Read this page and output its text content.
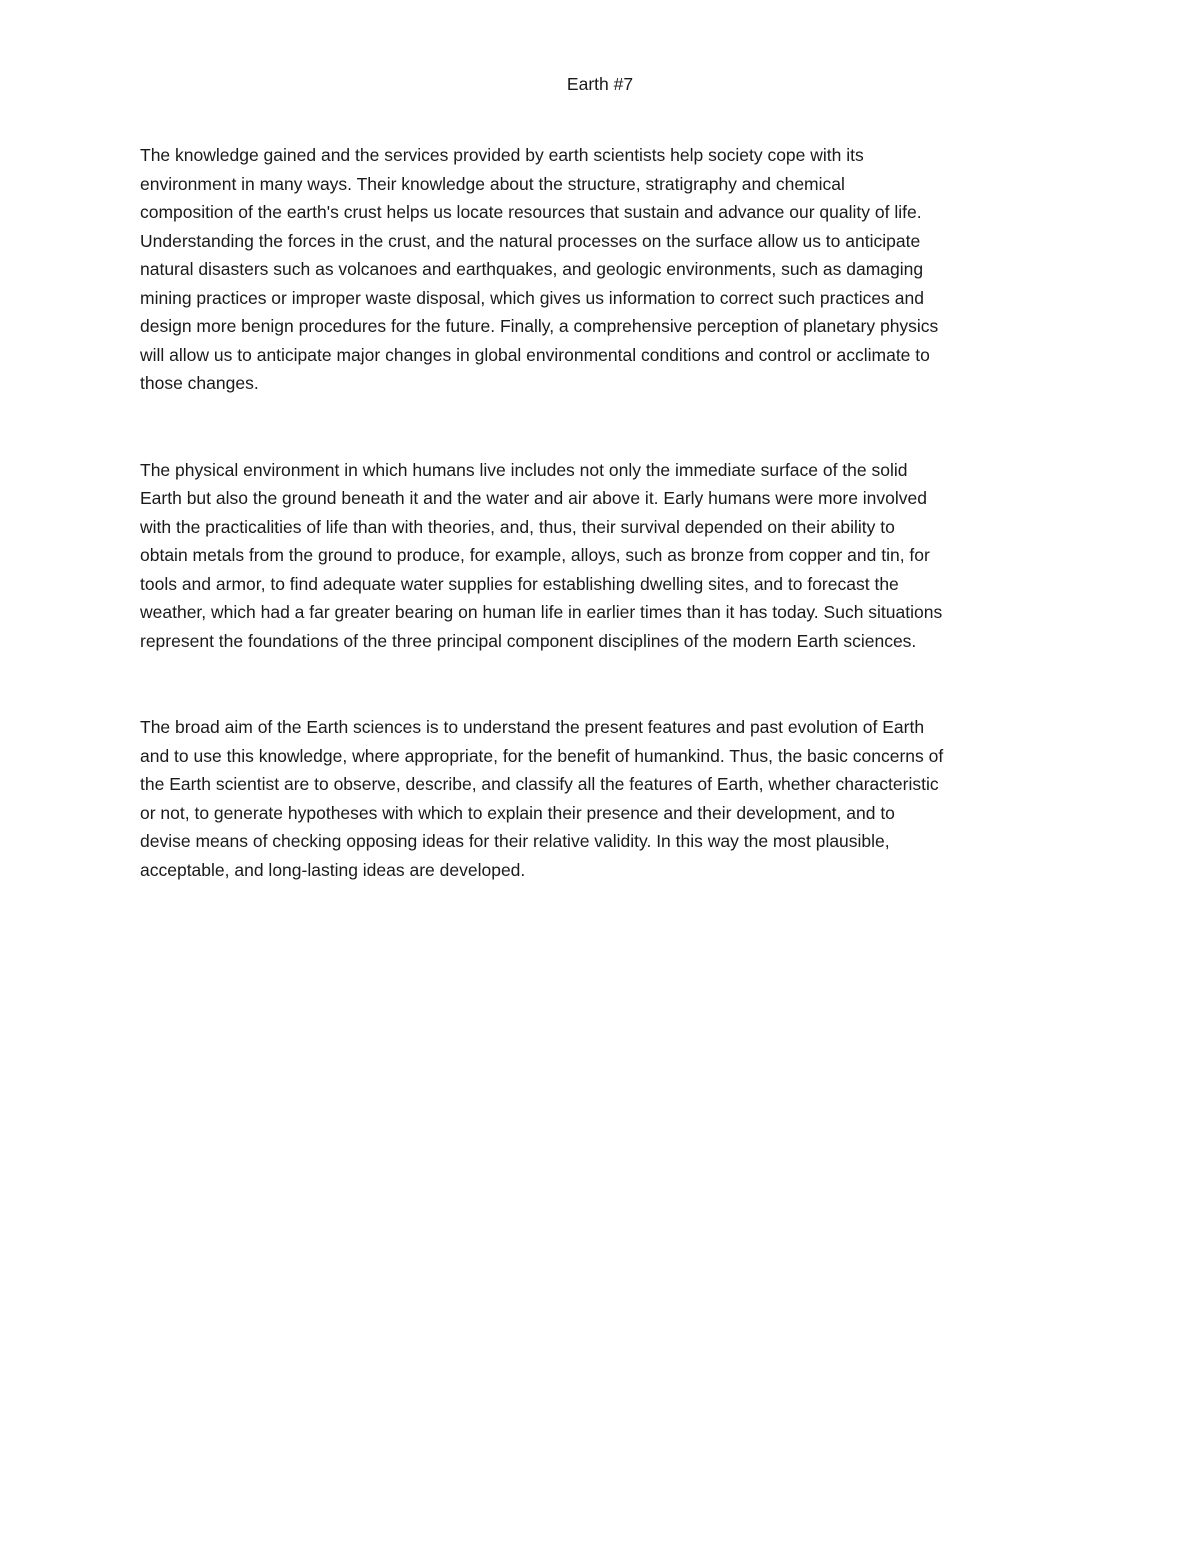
Earth #7

The knowledge gained and the services provided by earth scientists help society cope with its
environment in many ways. Their knowledge about the structure, stratigraphy and chemical
composition of the earth's crust helps us locate resources that sustain and advance our quality of life.
Understanding the forces in the crust, and the natural processes on the surface allow us to anticipate
natural disasters such as volcanoes and earthquakes, and geologic environments, such as damaging
mining practices or improper waste disposal, which gives us information to correct such practices and
design more benign procedures for the future. Finally, a comprehensive perception of planetary physics
will allow us to anticipate major changes in global environmental conditions and control or acclimate to
those changes.

The physical environment in which humans live includes not only the immediate surface of the solid
Earth but also the ground beneath it and the water and air above it. Early humans were more involved
with the practicalities of life than with theories, and, thus, their survival depended on their ability to
obtain metals from the ground to produce, for example, alloys, such as bronze from copper and tin, for
tools and armor, to find adequate water supplies for establishing dwelling sites, and to forecast the
weather, which had a far greater bearing on human life in earlier times than it has today. Such situations
represent the foundations of the three principal component disciplines of the modern Earth sciences.

The broad aim of the Earth sciences is to understand the present features and past evolution of Earth
and to use this knowledge, where appropriate, for the benefit of humankind. Thus, the basic concerns of
the Earth scientist are to observe, describe, and classify all the features of Earth, whether characteristic
or not, to generate hypotheses with which to explain their presence and their development, and to
devise means of checking opposing ideas for their relative validity. In this way the most plausible,
acceptable, and long-lasting ideas are developed.
